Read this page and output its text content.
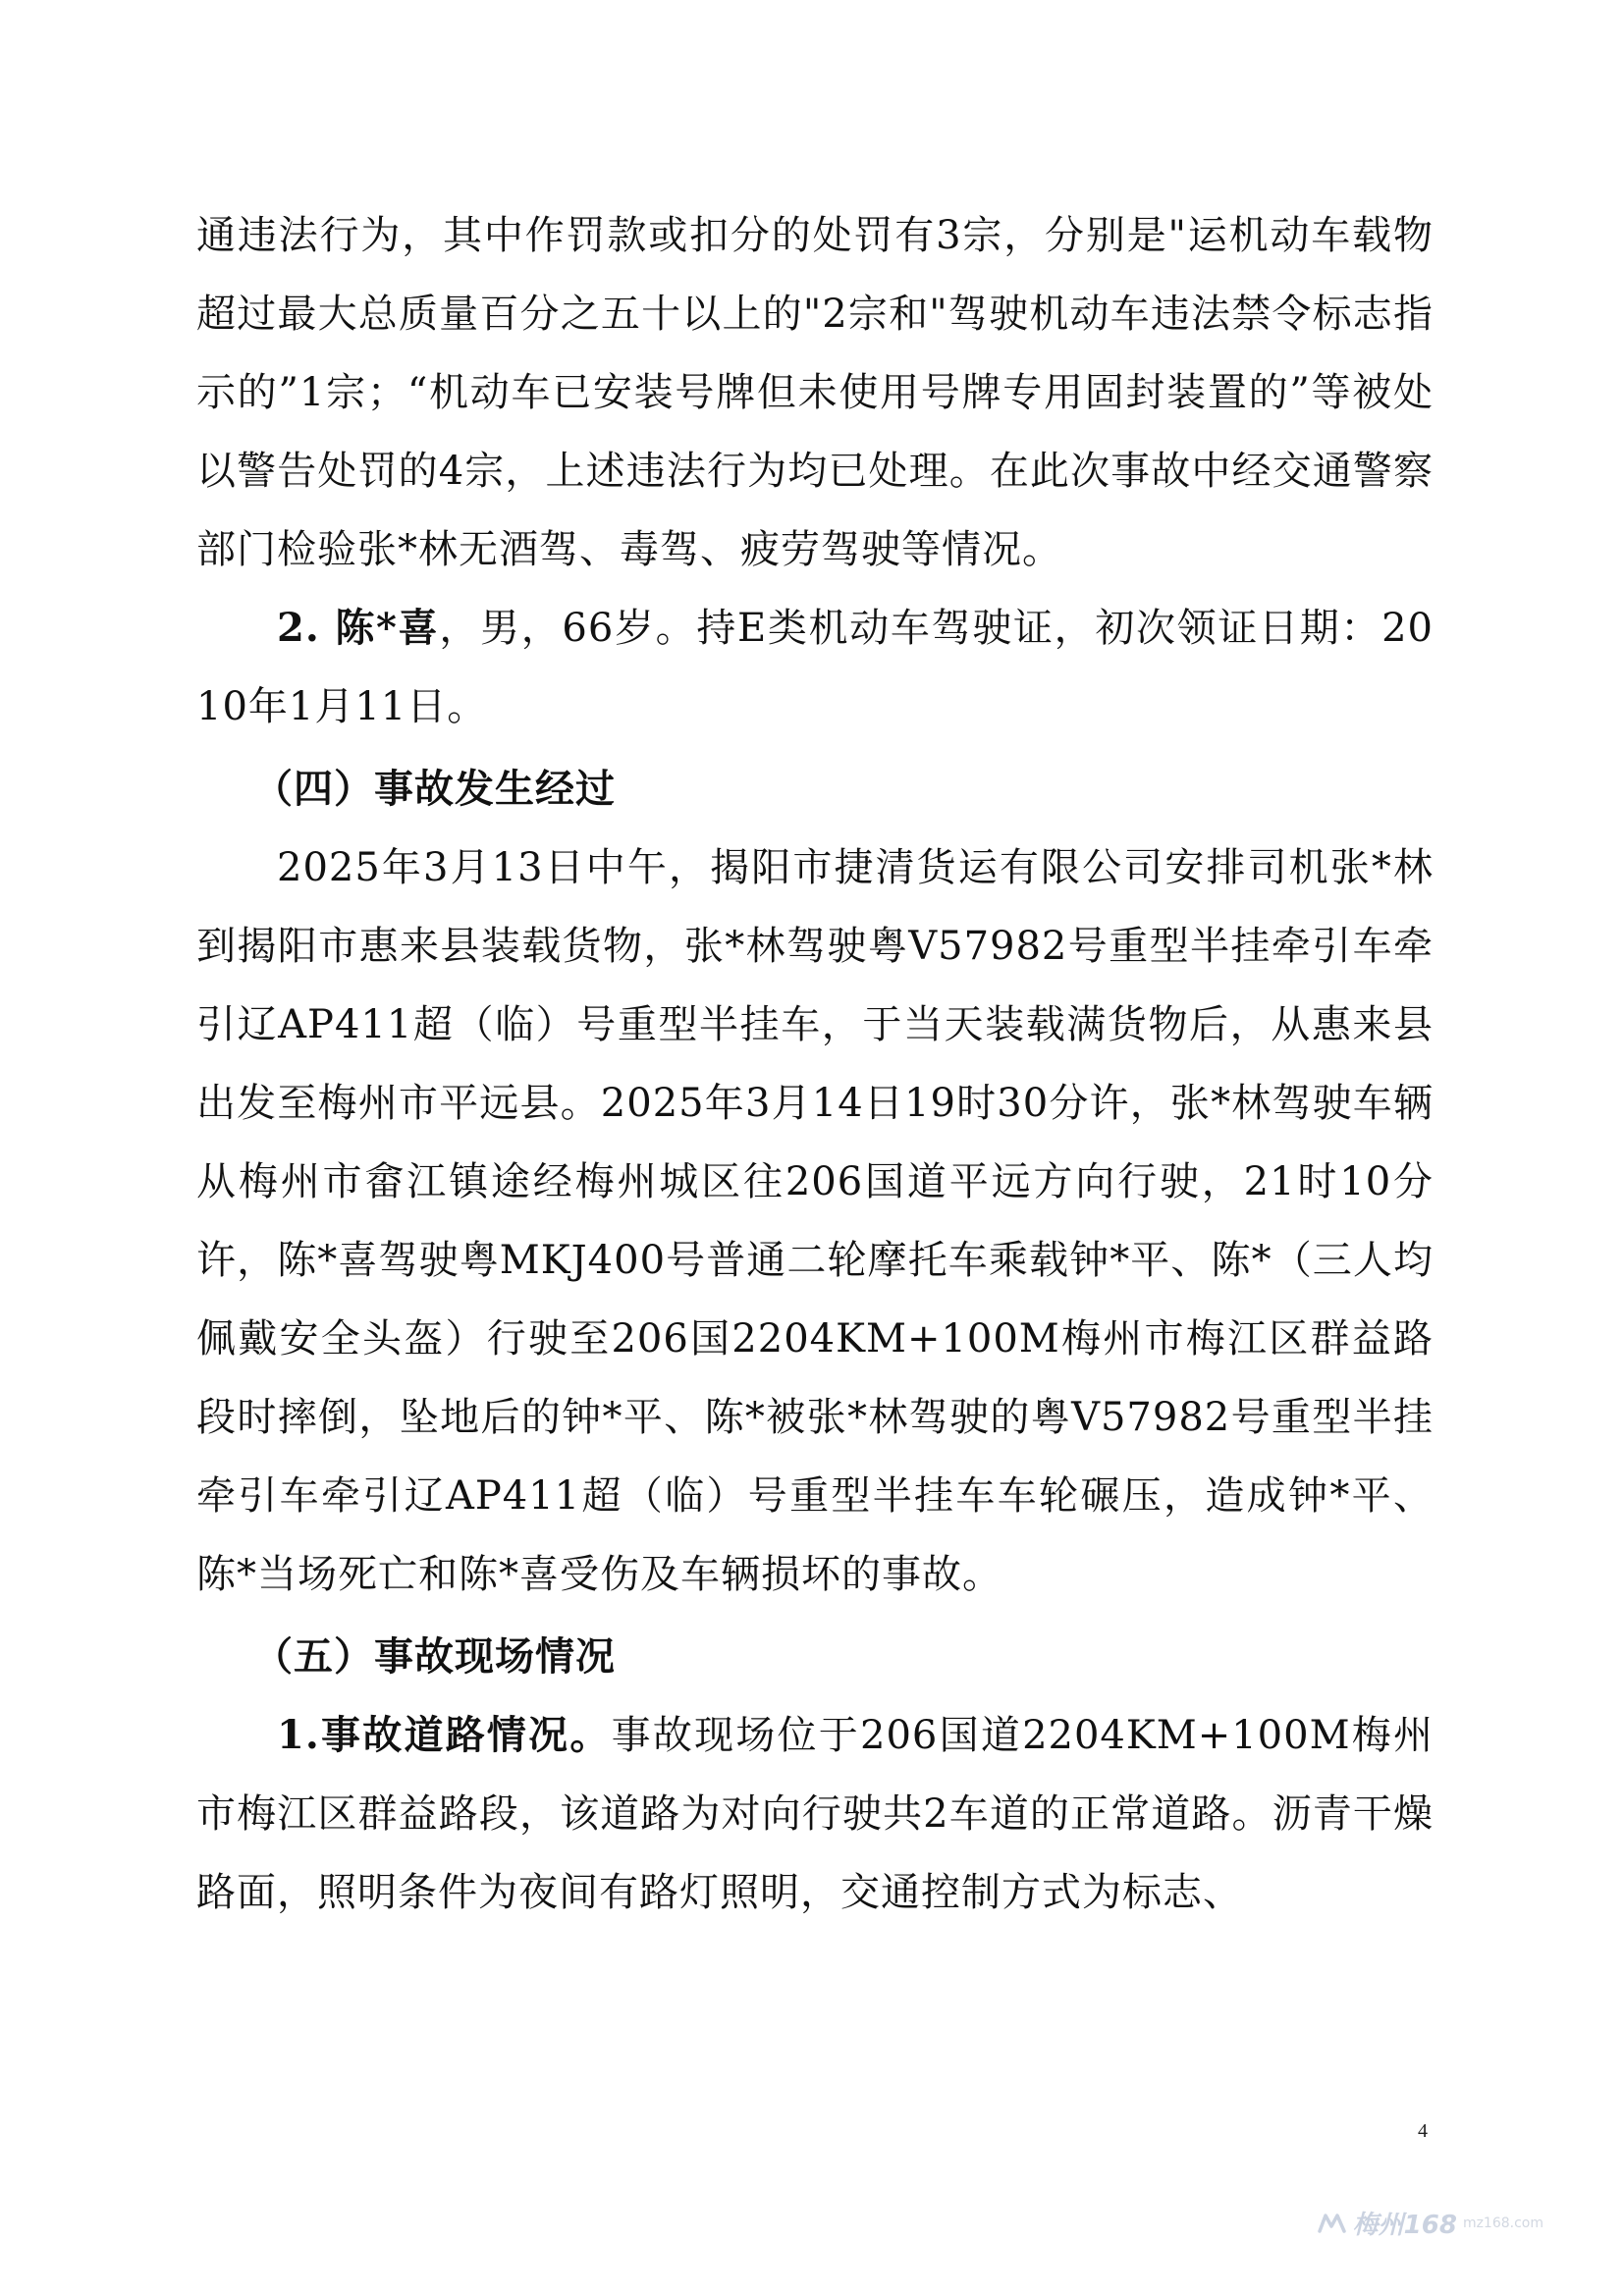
通违法行为，其中作罚款或扣分的处罚有3宗，分别是"运机动车载物超过最大总质量百分之五十以上的"2宗和"驾驶机动车违法禁令标志指示的”1宗；“机动车已安装号牌但未使用号牌专用固封装置的”等被处以警告处罚的4宗，上述违法行为均已处理。在此次事故中经交通警察部门检验张*林无酒驾、毒驾、疲劳驾驶等情况。

2. 陈*喜，男，66岁。持E类机动车驾驶证，初次领证日期：2010年1月11日。

（四）事故发生经过

2025年3月13日中午，揭阳市捷清货运有限公司安排司机张*林到揭阳市惠来县装载货物，张*林驾驶粤V57982号重型半挂牵引车牵引辽AP411超（临）号重型半挂车，于当天装载满货物后，从惠来县出发至梅州市平远县。2025年3月14日19时30分许，张*林驾驶车辆从梅州市畲江镇途经梅州城区往206国道平远方向行驶，21时10分许，陈*喜驾驶粤MKJ400号普通二轮摩托车乘载钟*平、陈*（三人均佩戴安全头盔）行驶至206国2204KM+100M梅州市梅江区群益路段时摔倒，坠地后的钟*平、陈*被张*林驾驶的粤V57982号重型半挂牵引车牵引辽AP411超（临）号重型半挂车车轮碾压，造成钟*平、陈*当场死亡和陈*喜受伤及车辆损坏的事故。

（五）事故现场情况

1.事故道路情况。事故现场位于206国道2204KM+100M梅州市梅江区群益路段，该道路为对向行驶共2车道的正常道路。沥青干燥路面，照明条件为夜间有路灯照明，交通控制方式为标志、

4
梅州168 mz168.com
